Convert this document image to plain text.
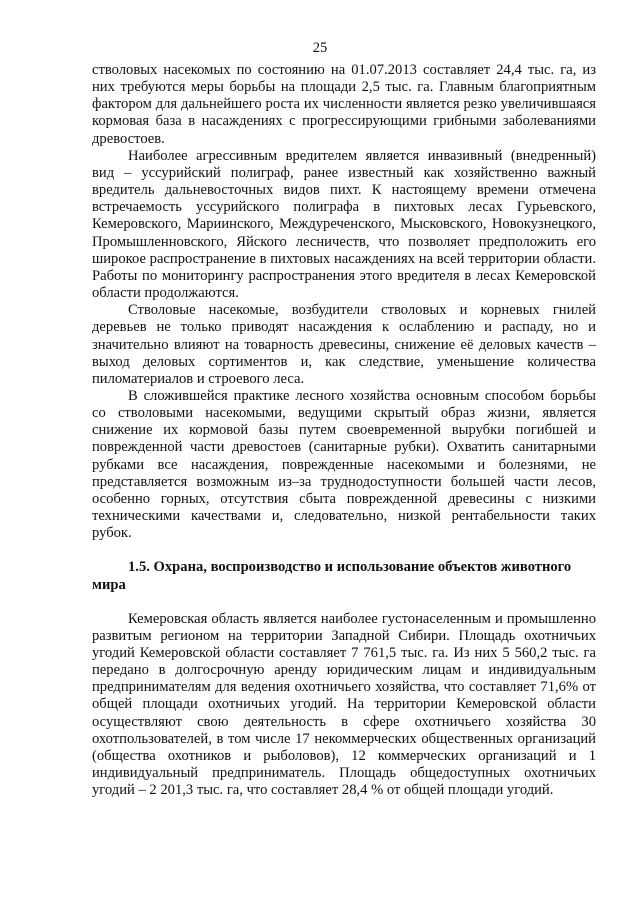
25

стволовых насекомых по состоянию на 01.07.2013 составляет 24,4 тыс. га, из них требуются меры борьбы на площади 2,5 тыс. га. Главным благоприятным фактором для дальнейшего роста их численности является резко увеличившаяся кормовая база в насаждениях с прогрессирующими грибными заболеваниями древостоев.

Наиболее агрессивным вредителем является инвазивный (внедренный) вид – уссурийский полиграф, ранее известный как хозяйственно важный вредитель дальневосточных видов пихт. К настоящему времени отмечена встречаемость уссурийского полиграфа в пихтовых лесах Гурьевского, Кемеровского, Мариинского, Междуреченского, Мысковского, Новокузнецкого, Промышленновского, Яйского лесничеств, что позволяет предположить его широкое распространение в пихтовых насаждениях на всей территории области. Работы по мониторингу распространения этого вредителя в лесах Кемеровской области продолжаются.

Стволовые насекомые, возбудители стволовых и корневых гнилей деревьев не только приводят насаждения к ослаблению и распаду, но и значительно влияют на товарность древесины, снижение её деловых качеств – выход деловых сортиментов и, как следствие, уменьшение количества пиломатериалов и строевого леса.

В сложившейся практике лесного хозяйства основным способом борьбы со стволовыми насекомыми, ведущими скрытый образ жизни, является снижение их кормовой базы путем своевременной вырубки погибшей и поврежденной части древостоев (санитарные рубки). Охватить санитарными рубками все насаждения, поврежденные насекомыми и болезнями, не представляется возможным из–за труднодоступности большей части лесов, особенно горных, отсутствия сбыта поврежденной древесины с низкими техническими качествами и, следовательно, низкой рентабельности таких рубок.

1.5. Охрана, воспроизводство и использование объектов животного мира

Кемеровская область является наиболее густонаселенным и промышленно развитым регионом на территории Западной Сибири. Площадь охотничьих угодий Кемеровской области составляет 7 761,5 тыс. га. Из них 5 560,2 тыс. га передано в долгосрочную аренду юридическим лицам и индивидуальным предпринимателям для ведения охотничьего хозяйства, что составляет 71,6% от общей площади охотничьих угодий. На территории Кемеровской области осуществляют свою деятельность в сфере охотничьего хозяйства 30 охотпользователей, в том числе 17 некоммерческих общественных организаций (общества охотников и рыболовов), 12 коммерческих организаций и 1 индивидуальный предприниматель. Площадь общедоступных охотничьих угодий – 2 201,3 тыс. га, что составляет 28,4 % от общей площади угодий.
